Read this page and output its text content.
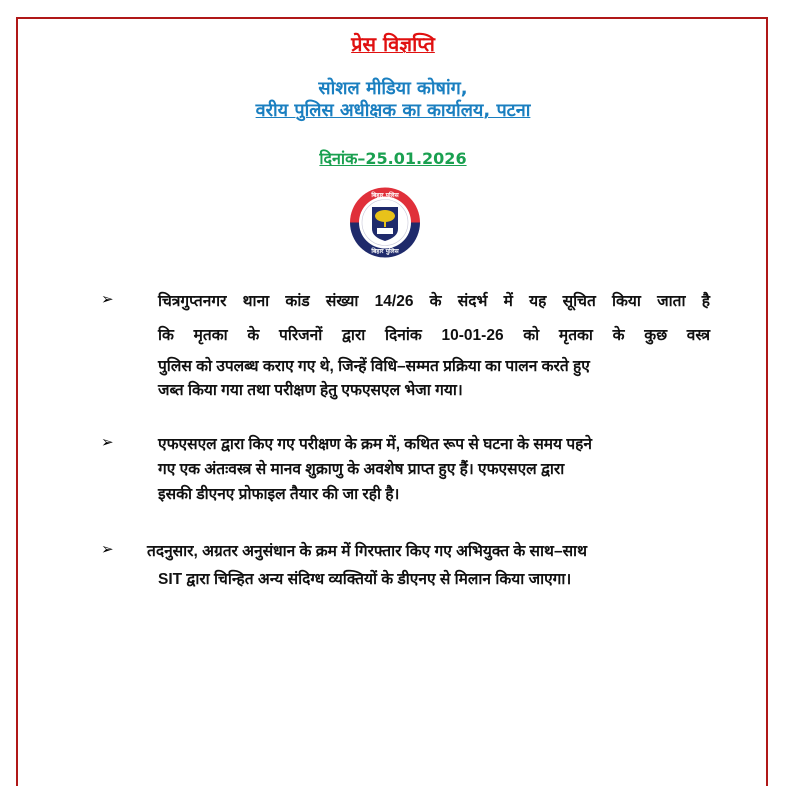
प्रेस विज्ञप्ति
सोशल मीडिया कोषांग,
वरीय पुलिस अधीक्षक का कार्यालय, पटना
दिनांक–25.01.2026
बिहार पुलिस
बिहार पुलिस
➢	चित्रगुप्तनगर थाना कांड संख्या 14/26 के संदर्भ में यह सूचित किया जाता है
कि मृतका के परिजनों द्वारा दिनांक 10-01-26 को मृतका के कुछ वस्त्र
पुलिस को उपलब्ध कराए गए थे, जिन्हें विधि–सम्मत प्रक्रिया का पालन करते हुए
जब्त किया गया तथा परीक्षण हेतु एफएसएल भेजा गया।
➢	एफएसएल द्वारा किए गए परीक्षण के क्रम में, कथित रूप से घटना के समय पहने
गए एक अंतःवस्त्र से मानव शुक्राणु के अवशेष प्राप्त हुए हैं। एफएसएल द्वारा
इसकी डीएनए प्रोफाइल तैयार की जा रही है।
➢ तदनुसार, अग्रतर अनुसंधान के क्रम में गिरफ्तार किए गए अभियुक्त के साथ–साथ
SIT द्वारा चिन्हित अन्य संदिग्ध व्यक्तियों के डीएनए से मिलान किया जाएगा।
